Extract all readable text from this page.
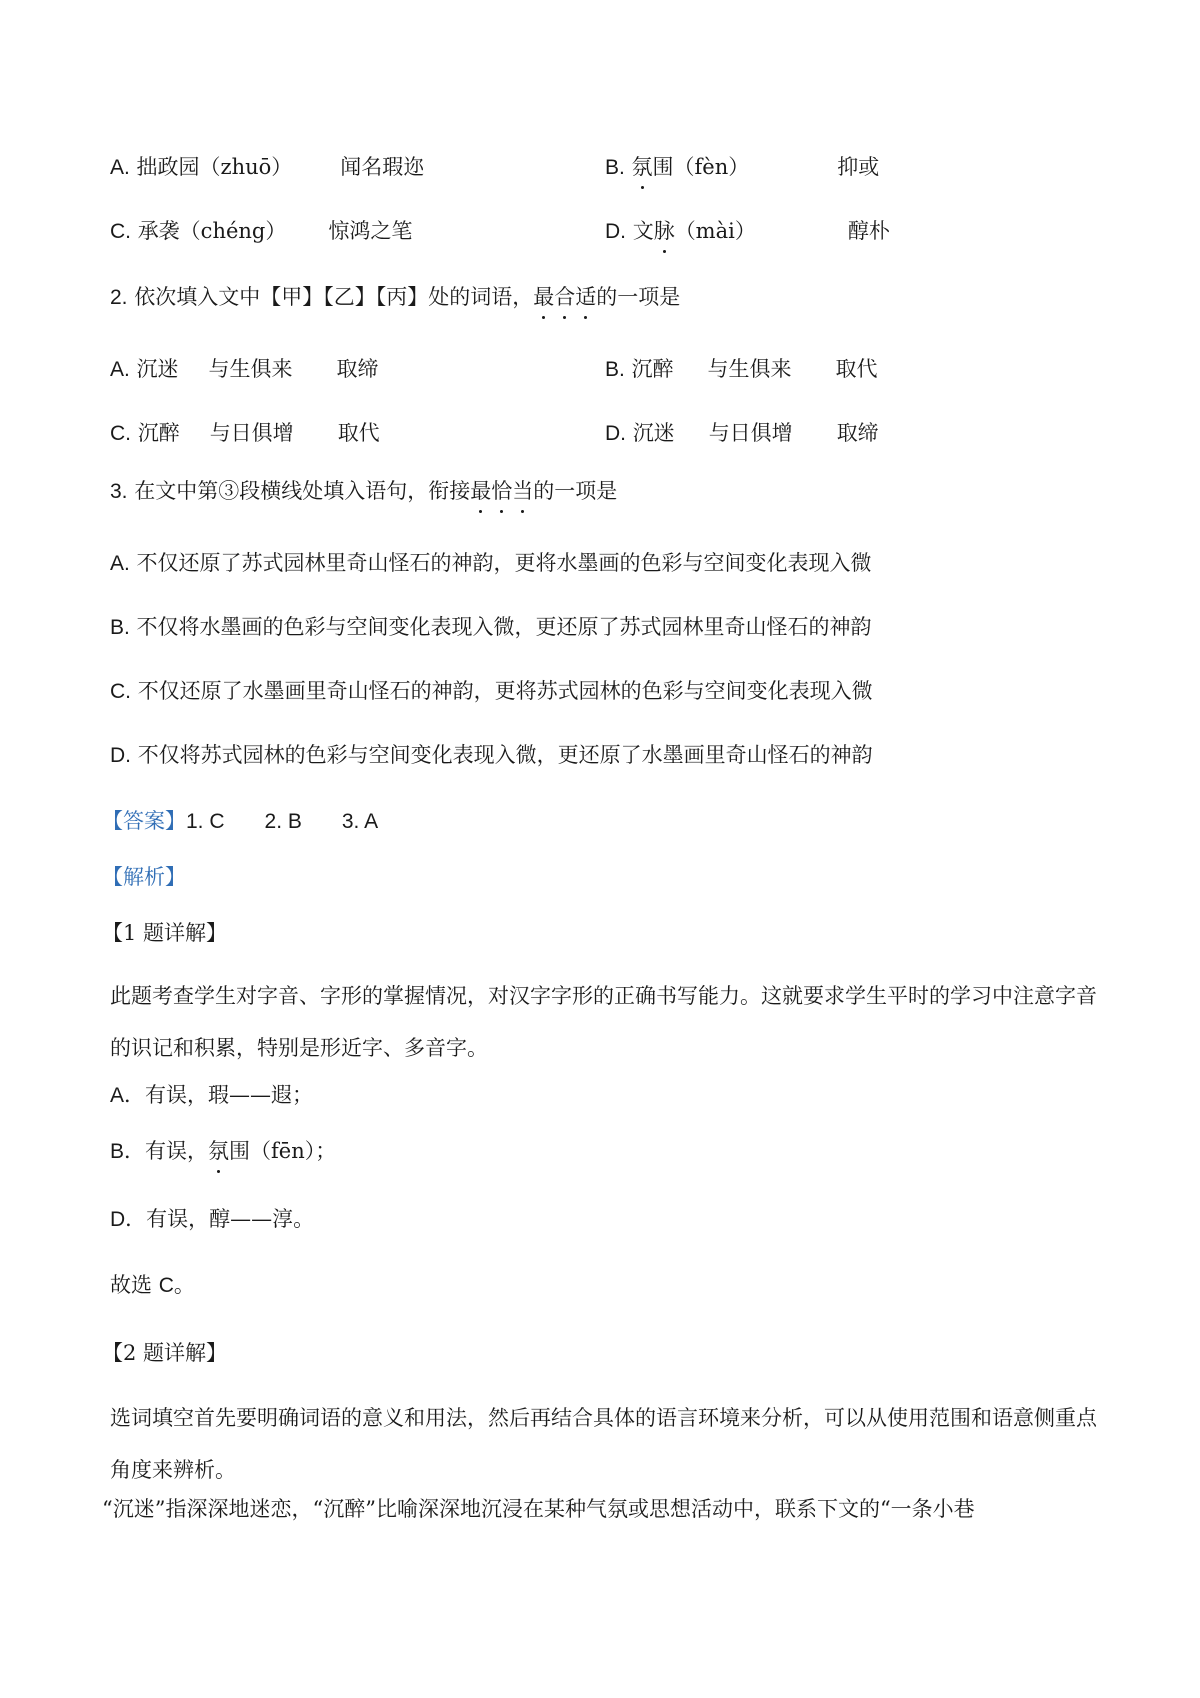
A. 拙政园（zhuō） 闻名瑕迩	B. 氛围（fèn）	抑或
C. 承袭（chéng） 惊鸿之笔	D. 文脉（mài）	醇朴
2. 依次填入文中【甲】【乙】【丙】处的词语，最合适的一项是
A. 沉迷 与生俱来 取缔	B. 沉醉 与生俱来 取代
C. 沉醉 与日俱增 取代	D. 沉迷 与日俱增 取缔
3. 在文中第③段横线处填入语句，衔接最恰当的一项是
A. 不仅还原了苏式园林里奇山怪石的神韵，更将水墨画的色彩与空间变化表现入微
B. 不仅将水墨画的色彩与空间变化表现入微，更还原了苏式园林里奇山怪石的神韵
C. 不仅还原了水墨画里奇山怪石的神韵，更将苏式园林的色彩与空间变化表现入微
D. 不仅将苏式园林的色彩与空间变化表现入微，更还原了水墨画里奇山怪石的神韵
【答案】1. C 2. B 3. A
【解析】
【1 题详解】
此题考查学生对字音、字形的掌握情况，对汉字字形的正确书写能力。这就要求学生平时的学习中注意字音的识记和积累，特别是形近字、多音字。
A．有误，瑕——遐；
B．有误，氛围（fēn）；
D．有误，醇——淳。
故选 C。
【2 题详解】
选词填空首先要明确词语的意义和用法，然后再结合具体的语言环境来分析，可以从使用范围和语意侧重点角度来辨析。
“沉迷”指深深地迷恋，“沉醉”比喻深深地沉浸在某种气氛或思想活动中，联系下文的“一条小巷
